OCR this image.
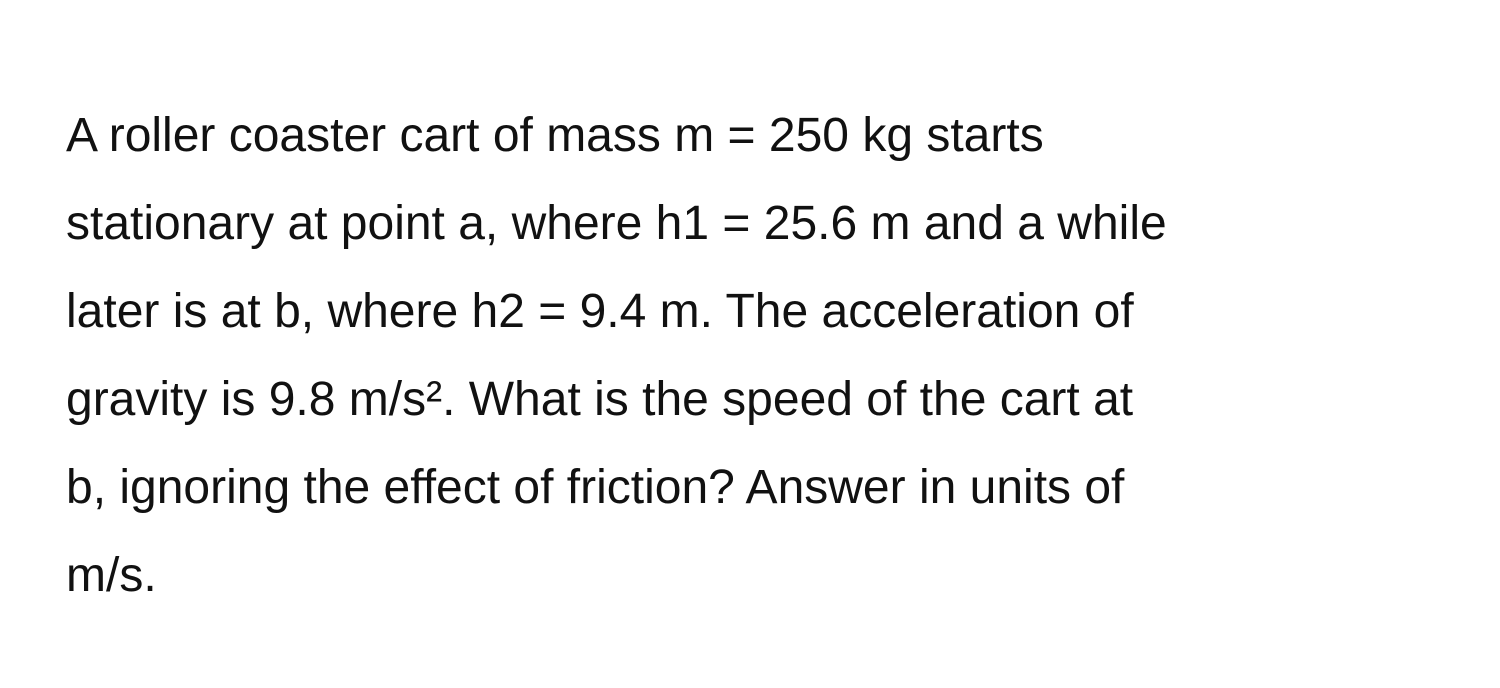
A roller coaster cart of mass m = 250 kg starts
stationary at point a, where h1 = 25.6 m and a while
later is at b, where h2 = 9.4 m. The acceleration of
gravity is 9.8 m/s². What is the speed of the cart at
b, ignoring the effect of friction? Answer in units of
m/s.
